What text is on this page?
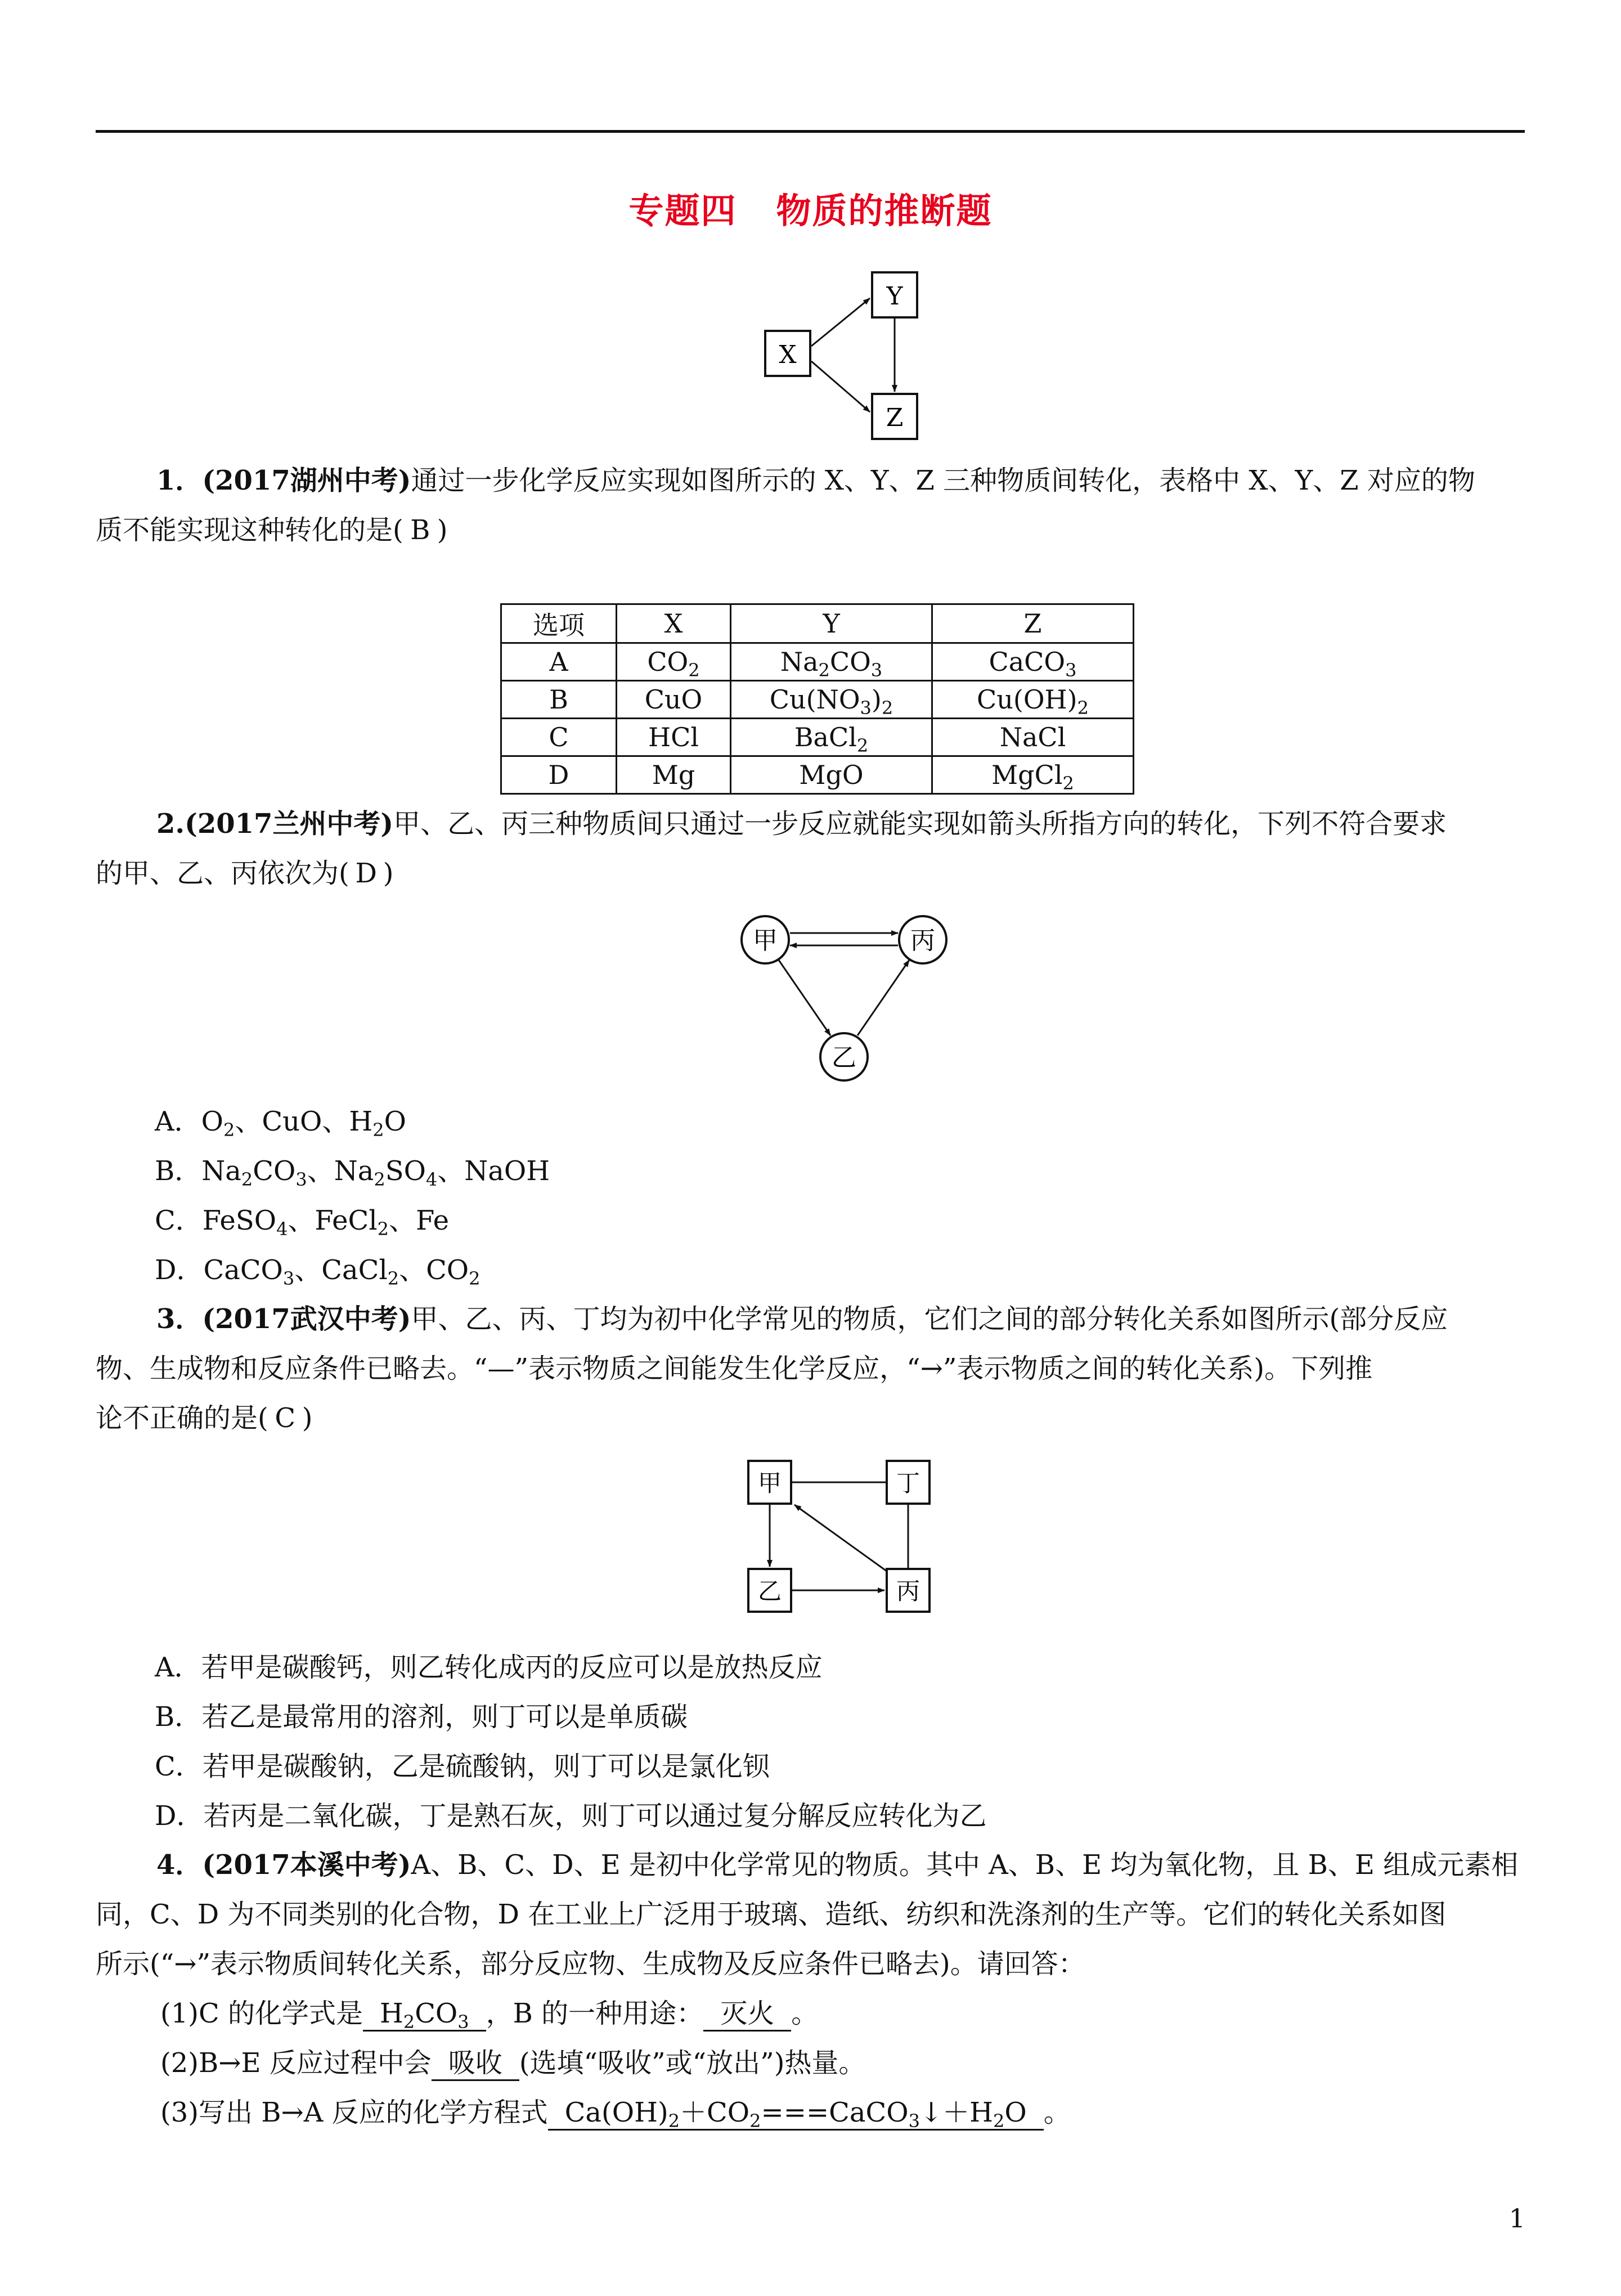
专题四 物质的推断题
X
Y
Z
1．(2017湖州中考)通过一步化学反应实现如图所示的 X、Y、Z 三种物质间转化，表格中 X、Y、Z 对应的物
质不能实现这种转化的是( B )
选项	X	Y	Z
A	$CO_2$	$Na_2CO_3$	CaCO$_3$
B	CuO	$Cu(NO_3)_2$	$Cu(OH)_2$
C	HCl	BaCl$_2$	NaCl
D	Mg	MgO	MgCl$_2$
2.(2017兰州中考)甲、乙、丙三种物质间只通过一步反应就能实现如箭头所指方向的转化，下列不符合要求
的甲、乙、丙依次为( D )
甲	丙
乙
A．$O_2$、CuO、$H_2O$
B．$Na_2CO_3$、$Na_2SO_4$、NaOH
C．FeSO$_4$、FeCl$_2$、Fe
D．CaCO$_3$、CaCl$_2$、$CO_2$
3．(2017武汉中考)甲、乙、丙、丁均为初中化学常见的物质，它们之间的部分转化关系如图所示(部分反应
物、生成物和反应条件已略去。“—”表示物质之间能发生化学反应，“→”表示物质之间的转化关系)。下列推
论不正确的是( C )
甲	丁
乙	丙
A．若甲是碳酸钙，则乙转化成丙的反应可以是放热反应
B．若乙是最常用的溶剂，则丁可以是单质碳
C．若甲是碳酸钠，乙是硫酸钠，则丁可以是氯化钡
D．若丙是二氧化碳，丁是熟石灰，则丁可以通过复分解反应转化为乙
4．(2017本溪中考)A、B、C、D、E 是初中化学常见的物质。其中 A、B、E 均为氧化物，且 B、E 组成元素相
同，C、D 为不同类别的化合物，D 在工业上广泛用于玻璃、造纸、纺织和洗涤剂的生产等。它们的转化关系如图
所示(“→”表示物质间转化关系，部分反应物、生成物及反应条件已略去)。请回答：
(1)C 的化学式是 $H_2CO_3$ ，B 的一种用途： 灭火 。
(2)B→E 反应过程中会 吸收 (选填“吸收”或“放出”)热量。
(3)写出 B→A 反应的化学方程式 $Ca(OH)_2+CO_2===CaCO_3↓+H_2O$ 。
1
